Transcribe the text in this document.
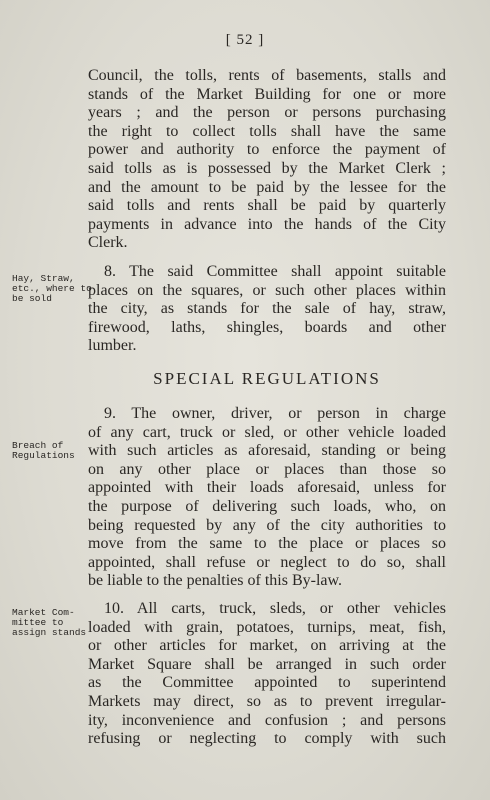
[ 52 ]
Council, the tolls, rents of basements, stalls and
stands of the Market Building for one or more
years ; and the person or persons purchasing
the right to collect tolls shall have the same
power and authority to enforce the payment of
said tolls as is possessed by the Market Clerk ;
and the amount to be paid by the lessee for the
said tolls and rents shall be paid by quarterly
payments in advance into the hands of the City
Clerk.
Hay, Straw,
etc., where to
be sold
8. The said Committee shall appoint suitable
places on the squares, or such other places within
the city, as stands for the sale of hay, straw,
firewood, laths, shingles, boards and other
lumber.
SPECIAL REGULATIONS
Breach of
Regulations
9. The owner, driver, or person in charge
of any cart, truck or sled, or other vehicle loaded
with such articles as aforesaid, standing or being
on any other place or places than those so
appointed with their loads aforesaid, unless for
the purpose of delivering such loads, who, on
being requested by any of the city authorities to
move from the same to the place or places so
appointed, shall refuse or neglect to do so, shall
be liable to the penalties of this By-law.
Market Com-
mittee to
assign stands
10. All carts, truck, sleds, or other vehicles
loaded with grain, potatoes, turnips, meat, fish,
or other articles for market, on arriving at the
Market Square shall be arranged in such order
as the Committee appointed to superintend
Markets may direct, so as to prevent irregular-
ity, inconvenience and confusion ; and persons
refusing or neglecting to comply with such
